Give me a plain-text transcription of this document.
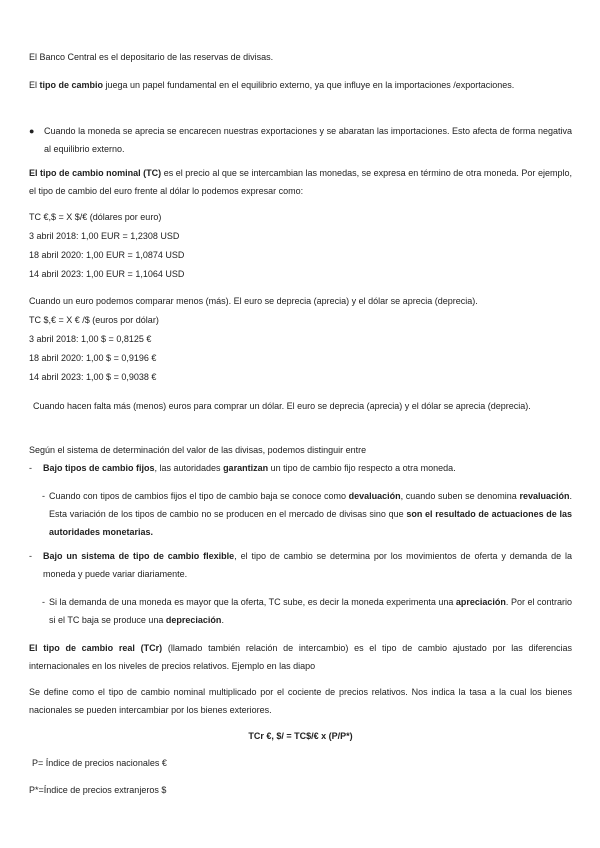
El Banco Central es el depositario de las reservas de divisas.
El tipo de cambio juega un papel fundamental en el equilibrio externo, ya que influye en la importaciones /exportaciones.
● Cuando la moneda se aprecia se encarecen nuestras exportaciones y se abaratan las importaciones. Esto afecta de forma negativa al equilibrio externo.
El tipo de cambio nominal (TC) es el precio al que se intercambian las monedas, se expresa en término de otra moneda. Por ejemplo, el tipo de cambio del euro frente al dólar lo podemos expresar como:
TC €,$ = X $/€ (dólares por euro)
3 abril 2018: 1,00 EUR = 1,2308 USD
18 abril 2020: 1,00 EUR = 1,0874 USD
14 abril 2023: 1,00 EUR = 1,1064 USD
Cuando un euro podemos comparar menos (más). El euro se deprecia (aprecia) y el dólar se aprecia (deprecia).
TC $,€ = X € /$ (euros por dólar)
3 abril 2018: 1,00 $ = 0,8125 €
18 abril 2020: 1,00 $ = 0,9196 €
14 abril 2023: 1,00 $ = 0,9038 €
Cuando hacen falta más (menos) euros para comprar un dólar. El euro se deprecia (aprecia) y el dólar se aprecia (deprecia).
Según el sistema de determinación del valor de las divisas, podemos distinguir entre
- Bajo tipos de cambio fijos, las autoridades garantizan un tipo de cambio fijo respecto a otra moneda.
- Cuando con tipos de cambios fijos el tipo de cambio baja se conoce como devaluación, cuando suben se denomina revaluación. Esta variación de los tipos de cambio no se producen en el mercado de divisas sino que son el resultado de actuaciones de las autoridades monetarias.
- Bajo un sistema de tipo de cambio flexible, el tipo de cambio se determina por los movimientos de oferta y demanda de la moneda y puede variar diariamente.
- Si la demanda de una moneda es mayor que la oferta, TC sube, es decir la moneda experimenta una apreciación. Por el contrario si el TC baja se produce una depreciación.
El tipo de cambio real (TCr) (llamado también relación de intercambio) es el tipo de cambio ajustado por las diferencias internacionales en los niveles de precios relativos. Ejemplo en las diapo
Se define como el tipo de cambio nominal multiplicado por el cociente de precios relativos. Nos indica la tasa a la cual los bienes nacionales se pueden intercambiar por los bienes exteriores.
TCr €, $/ = TC$/€ x (P/P*)
P= Índice de precios nacionales €
P*=Índice de precios extranjeros $
